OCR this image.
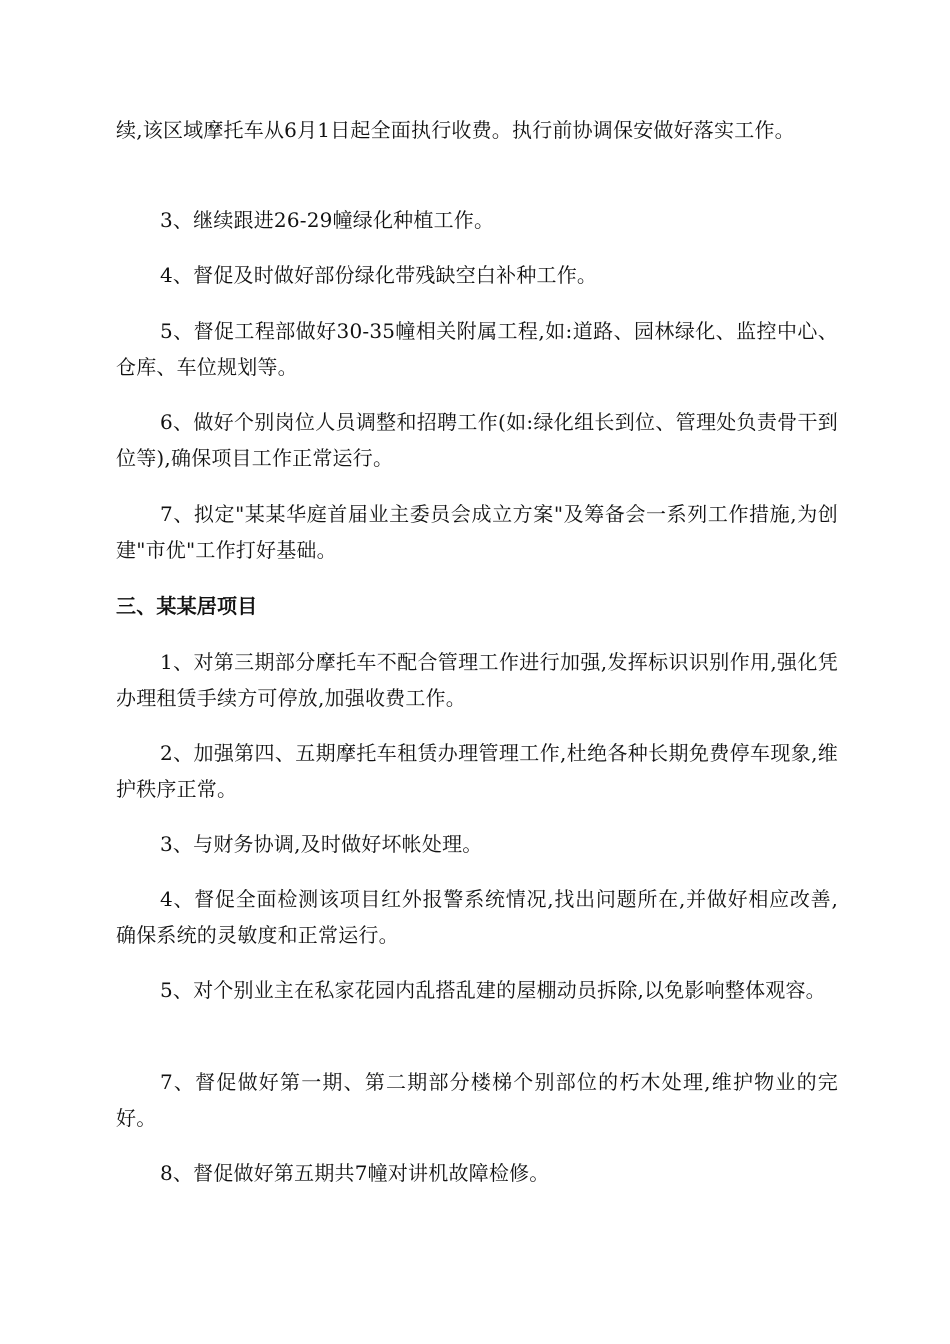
续,该区域摩托车从6月1日起全面执行收费。执行前协调保安做好落实工作。

3、继续跟进26-29幢绿化种植工作。

4、督促及时做好部份绿化带残缺空白补种工作。

5、督促工程部做好30-35幢相关附属工程,如:道路、园林绿化、监控中心、仓库、车位规划等。

6、做好个别岗位人员调整和招聘工作(如:绿化组长到位、管理处负责骨干到位等),确保项目工作正常运行。

7、拟定"某某华庭首届业主委员会成立方案"及筹备会一系列工作措施,为创建"市优"工作打好基础。

三、某某居项目

1、对第三期部分摩托车不配合管理工作进行加强,发挥标识识别作用,强化凭办理租赁手续方可停放,加强收费工作。

2、加强第四、五期摩托车租赁办理管理工作,杜绝各种长期免费停车现象,维护秩序正常。

3、与财务协调,及时做好坏帐处理。

4、督促全面检测该项目红外报警系统情况,找出问题所在,并做好相应改善,确保系统的灵敏度和正常运行。

5、对个别业主在私家花园内乱搭乱建的屋棚动员拆除,以免影响整体观容。

7、督促做好第一期、第二期部分楼梯个别部位的朽木处理,维护物业的完好。

8、督促做好第五期共7幢对讲机故障检修。
